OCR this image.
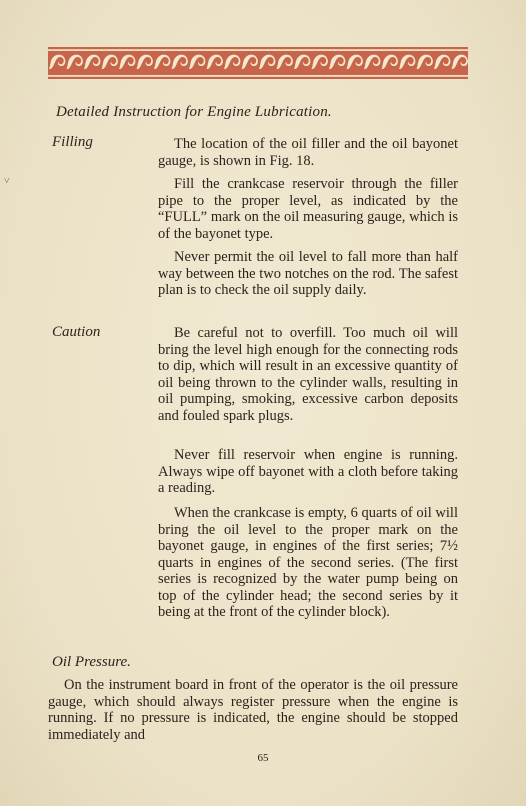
Detailed Instruction for Engine Lubrication.
Filling	The location of the oil filler and the oil bayonet gauge, is shown in Fig. 18.

Fill the crankcase reservoir through the filler pipe to the proper level, as indicated by the “FULL” mark on the oil measuring gauge, which is of the bayonet type.

Never permit the oil level to fall more than half way between the two notches on the rod. The safest plan is to check the oil supply daily.

Caution	Be careful not to overfill. Too much oil will bring the level high enough for the connecting rods to dip, which will result in an excessive quantity of oil being thrown to the cylinder walls, resulting in oil pumping, smoking, excessive carbon deposits and fouled spark plugs.

Never fill reservoir when engine is running. Always wipe off bayonet with a cloth before taking a reading.

When the crankcase is empty, 6 quarts of oil will bring the oil level to the proper mark on the bayonet gauge, in engines of the first series; 7½ quarts in engines of the second series. (The first series is recognized by the water pump being on top of the cylinder head; the second series by it being at the front of the cylinder block).

Oil Pressure.

On the instrument board in front of the operator is the oil pressure gauge, which should always register pressure when the engine is running. If no pressure is indicated, the engine should be stopped immediately and

65
˅
